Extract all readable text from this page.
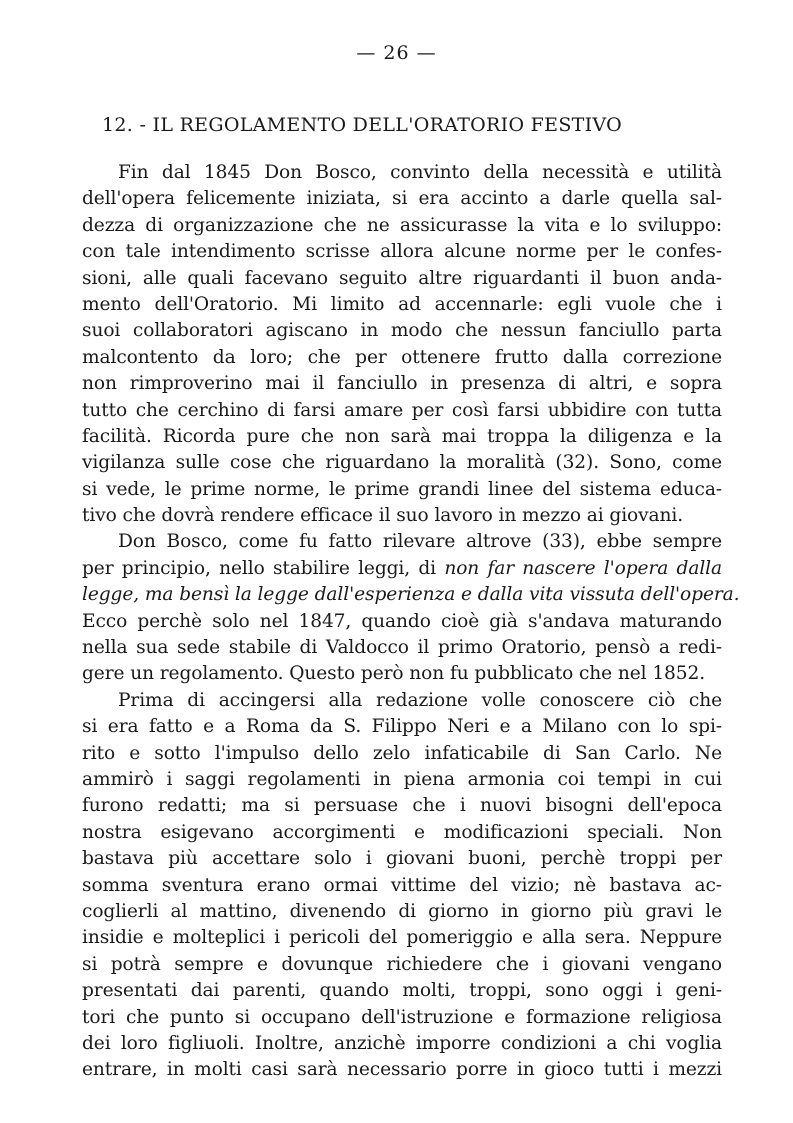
— 26 —
12. - IL REGOLAMENTO DELL'ORATORIO FESTIVO

Fin dal 1845 Don Bosco, convinto della necessità e utilità

dell'opera felicemente iniziata, si era accinto a darle quella sal-

dezza di organizzazione che ne assicurasse la vita e lo sviluppo:

con tale intendimento scrisse allora alcune norme per le confes-

sioni, alle quali facevano seguito altre riguardanti il buon anda-

mento dell'Oratorio. Mi limito ad accennarle: egli vuole che i

suoi collaboratori agiscano in modo che nessun fanciullo parta

malcontento da loro; che per ottenere frutto dalla correzione

non rimproverino mai il fanciullo in presenza di altri, e sopra

tutto che cerchino di farsi amare per così farsi ubbidire con tutta

facilità. Ricorda pure che non sarà mai troppa la diligenza e la

vigilanza sulle cose che riguardano la moralità (32). Sono, come

si vede, le prime norme, le prime grandi linee del sistema educa-

tivo che dovrà rendere efficace il suo lavoro in mezzo ai giovani.

Don Bosco, come fu fatto rilevare altrove (33), ebbe sempre

per principio, nello stabilire leggi, di non far nascere l'opera dalla

legge, ma bensì la legge dall'esperienza e dalla vita vissuta dell'opera.

Ecco perchè solo nel 1847, quando cioè già s'andava maturando

nella sua sede stabile di Valdocco il primo Oratorio, pensò a redi-

gere un regolamento. Questo però non fu pubblicato che nel 1852.

Prima di accingersi alla redazione volle conoscere ciò che

si era fatto e a Roma da S. Filippo Neri e a Milano con lo spi-

rito e sotto l'impulso dello zelo infaticabile di San Carlo. Ne

ammirò i saggi regolamenti in piena armonia coi tempi in cui

furono redatti; ma si persuase che i nuovi bisogni dell'epoca

nostra esigevano accorgimenti e modificazioni speciali. Non

bastava più accettare solo i giovani buoni, perchè troppi per

somma sventura erano ormai vittime del vizio; nè bastava ac-

coglierli al mattino, divenendo di giorno in giorno più gravi le

insidie e molteplici i pericoli del pomeriggio e alla sera. Neppure

si potrà sempre e dovunque richiedere che i giovani vengano

presentati dai parenti, quando molti, troppi, sono oggi i geni-

tori che punto si occupano dell'istruzione e formazione religiosa

dei loro figliuoli. Inoltre, anzichè imporre condizioni a chi voglia

entrare, in molti casi sarà necessario porre in gioco tutti i mezzi
